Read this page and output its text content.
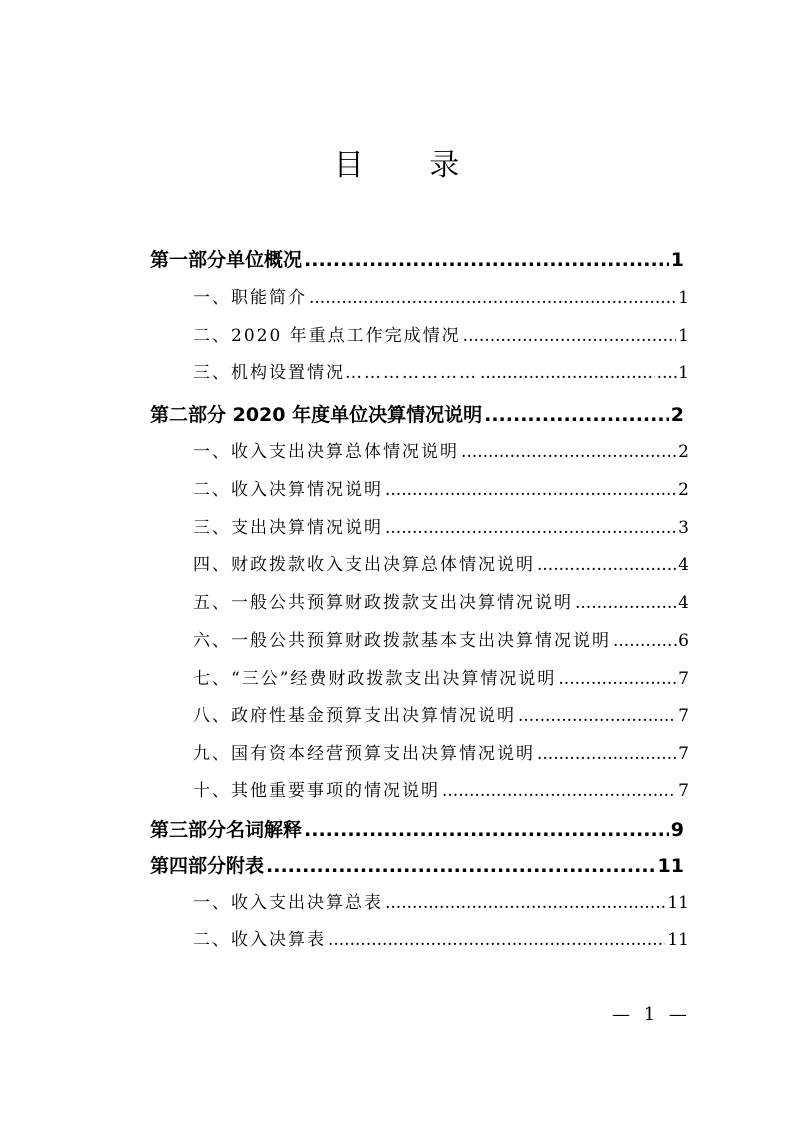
目 录
第一部分单位概况 .....	1
一、职能简介 .....	1
二、2020 年重点工作完成情况 .....	1
三、机构设置情况………………… .....	....1
第二部分 2020 年度单位决算情况说明 .....	2
一、收入支出决算总体情况说明 .....	2
二、收入决算情况说明 .....	2
三、支出决算情况说明 .....	3
四、财政拨款收入支出决算总体情况说明 .....	4
五、一般公共预算财政拨款支出决算情况说明 .....	4
六、一般公共预算财政拨款基本支出决算情况说明 .....	.6
七、“三公”经费财政拨款支出决算情况说明 .....	7
八、政府性基金预算支出决算情况说明 .....	7
九、国有资本经营预算支出决算情况说明 .....	7
十、其他重要事项的情况说明 .....	7
第三部分名词解释 .....	9
第四部分附表 .....	11
一、收入支出决算总表 .....	11
二、收入决算表 .....	11
— 1 —
